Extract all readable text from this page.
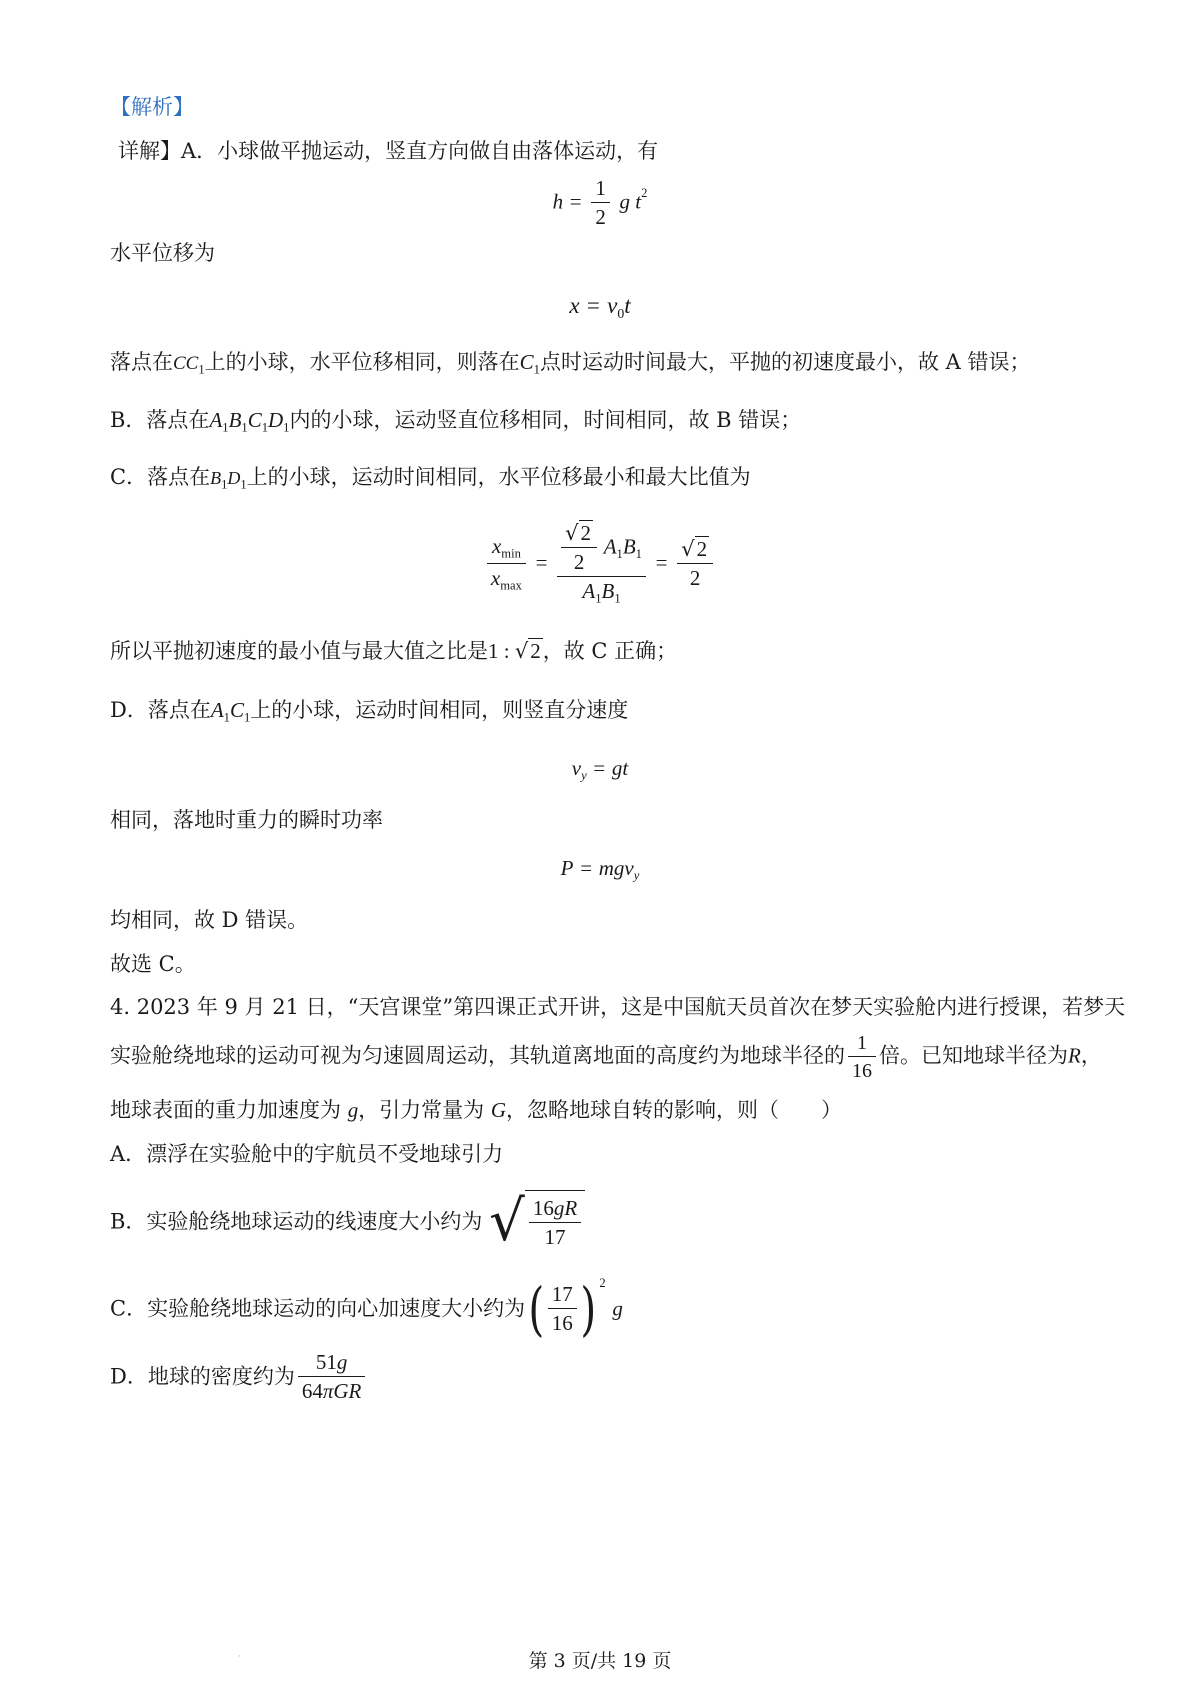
【解析】
详解】A．小球做平抛运动，竖直方向做自由落体运动，有
$h = \frac{1}{2}$ g $t^2$
水平位移为
$x = v_0t$
落点在$CC_1$上的小球，水平位移相同，则落在$C_1$点时运动时间最大，平抛的初速度最小，故 A 错误；
B．落点在$A_1B_1C_1D_1$内的小球，运动竖直位移相同，时间相同，故 B 错误；
C．落点在$B_1D_1$上的小球，运动时间相同，水平位移最小和最大比值为
$\frac{x_{min}}{x_{max}} = \frac{\frac{√2}{2} A_1B_1}{A_1B_1} = \frac{√2}{2}$
所以平抛初速度的最小值与最大值之比是1 : √2，故 C 正确；
D．落点在$A_1C_1$上的小球，运动时间相同，则竖直分速度
$v_y$ = gt
相同，落地时重力的瞬时功率
P = mgv$_y$
均相同，故 D 错误。
故选 C。
4. 2023 年 9 月 21 日，“天宫课堂”第四课正式开讲，这是中国航天员首次在梦天实验舱内进行授课，若梦天
实验舱绕地球的运动可视为匀速圆周运动，其轨道离地面的高度约为地球半径的 $\frac{1}{16}$ 倍。已知地球半径为R，
地球表面的重力加速度为 g，引力常量为 G，忽略地球自转的影响，则（　　）
A．漂浮在实验舱中的宇航员不受地球引力
B．实验舱绕地球运动的线速度大小约为 √ $\frac{16gR}{17}$
C．实验舱绕地球运动的向心加速度大小约为( $\frac{17}{16}$ ) $^2$ g
D．地球的密度约为 $\frac{51g}{\text{64πGR}}$
·	第 3 页/共 19 页
